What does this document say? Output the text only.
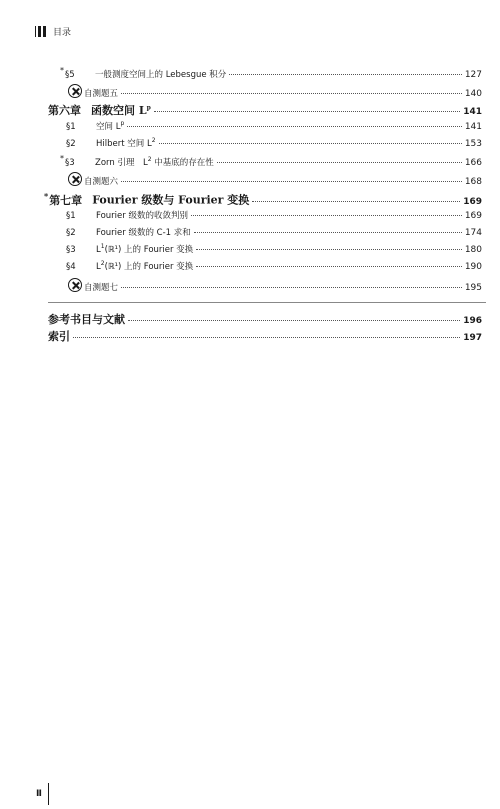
目录
*§5 一般测度空间上的 Lebesgue 积分	127
自测题五	140
第六章 函数空间 $L^p$	141
§1 空间 $L^p$	141
§2 Hilbert 空间 $L^2$	153
*§3 Zorn 引理　$L^2$ 中基底的存在性	166
自测题六	168
*第七章 Fourier 级数与 Fourier 变换	169
§1 Fourier 级数的收敛判别	169
§2 Fourier 级数的 C-1 求和	174
§3 $L^1(ℝ^1)$ 上的 Fourier 变换	180
§4 $L^2(ℝ^1)$ 上的 Fourier 变换	190
自测题七	195
参考书目与文献	196
索引	197
Ⅱ
